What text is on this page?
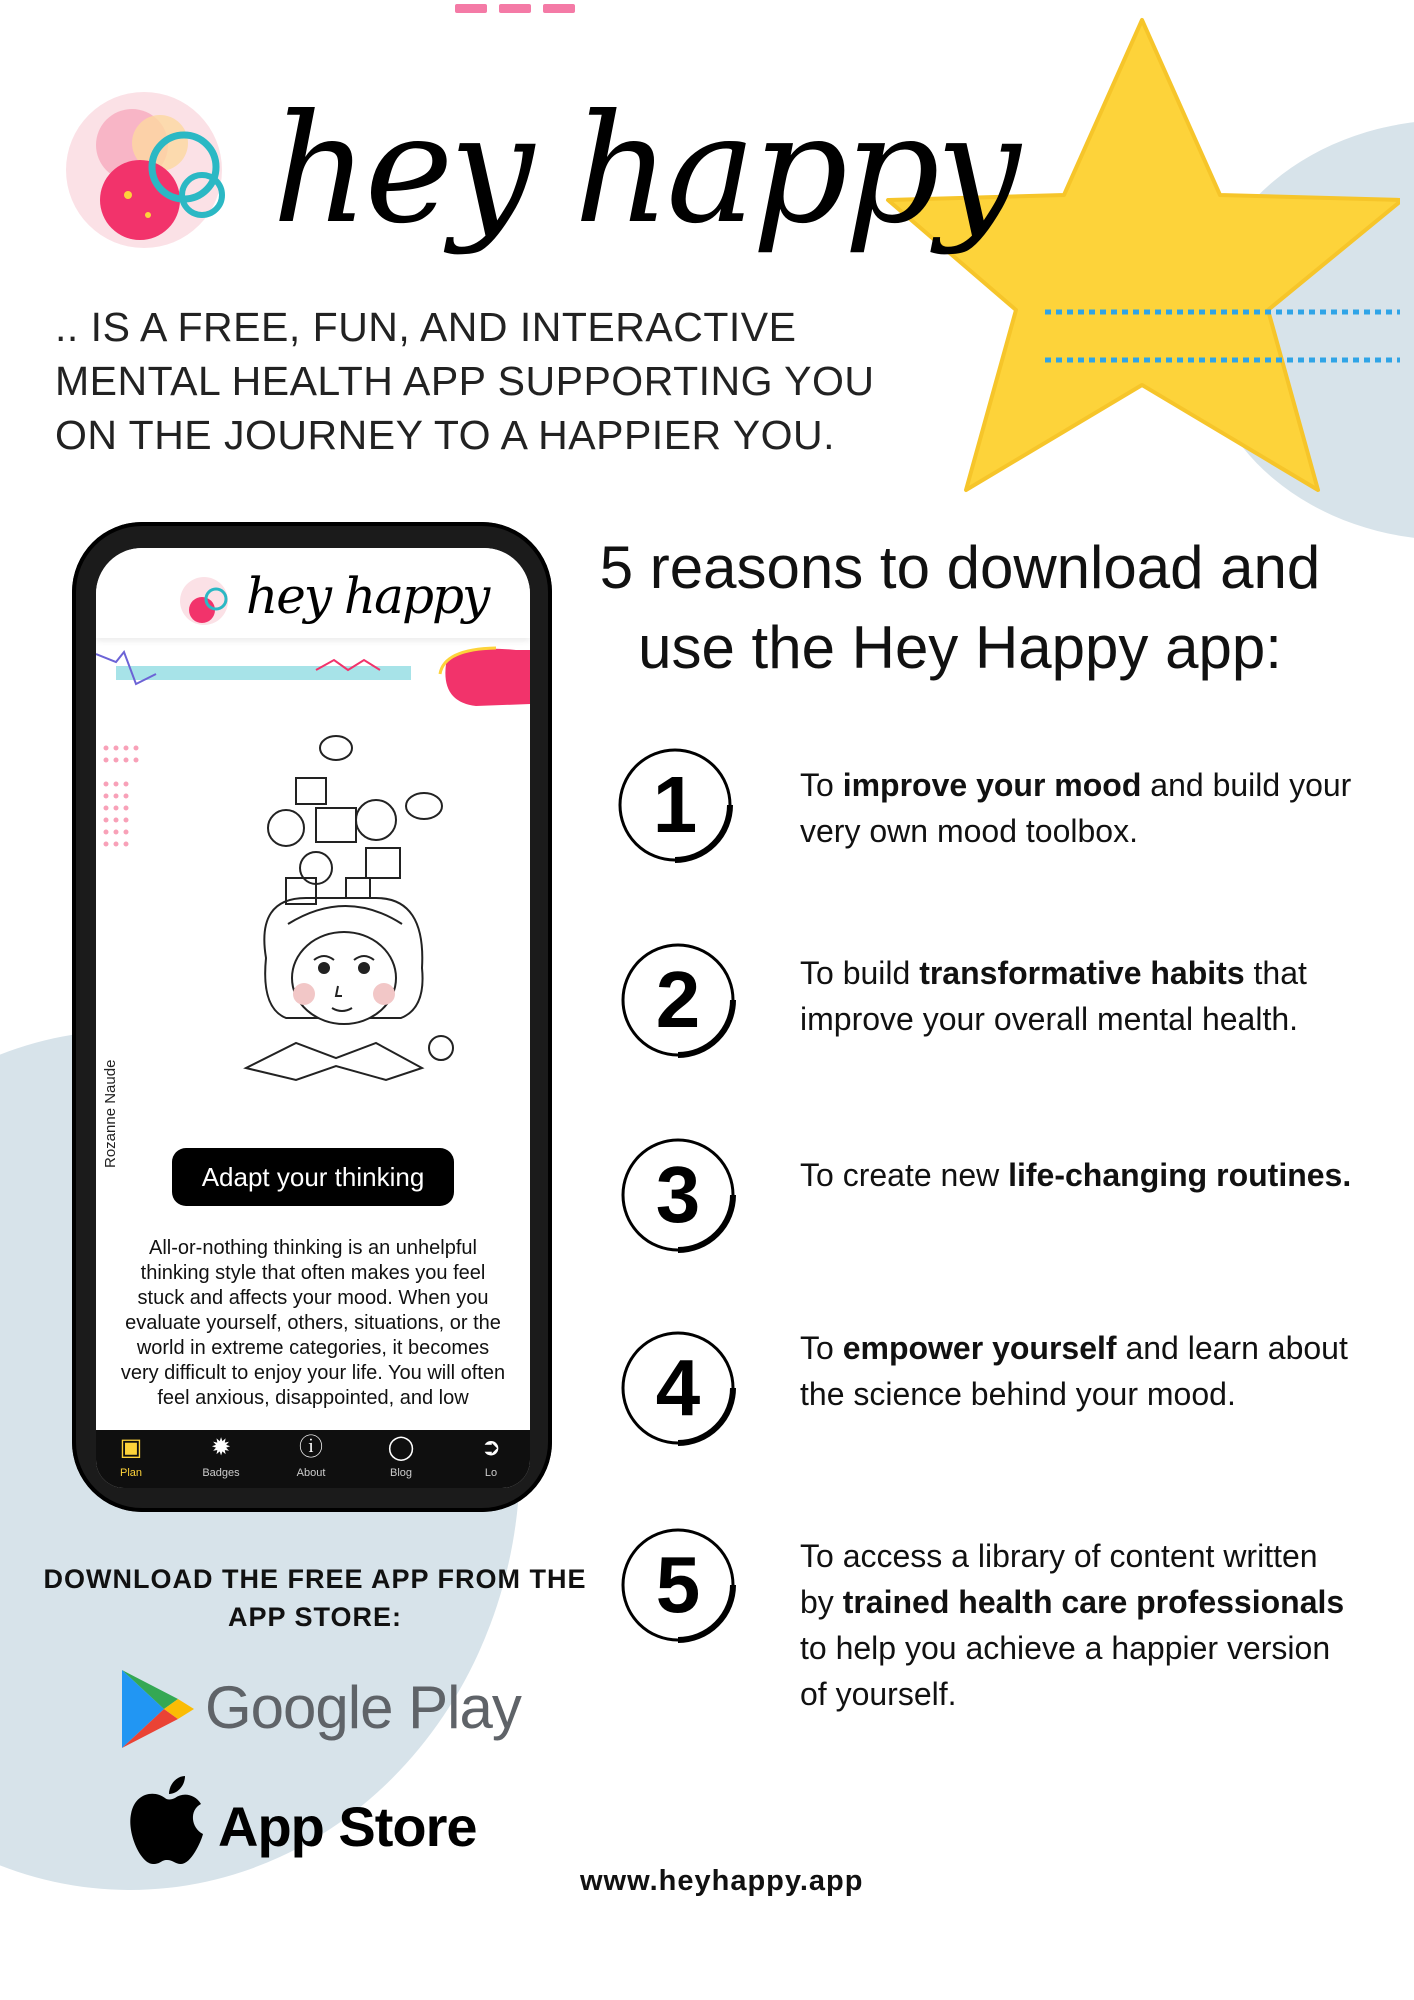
hey happy
.. IS A FREE, FUN, AND INTERACTIVE MENTAL HEALTH APP SUPPORTING YOU ON THE JOURNEY TO A HAPPIER YOU.
hey happy
Rozanne Naude
Adapt your thinking
All-or-nothing thinking is an unhelpful thinking style that often makes you feel stuck and affects your mood. When you evaluate yourself, others, situations, or the world in extreme categories, it becomes very difficult to enjoy your life. You will often feel anxious, disappointed, and low
▣
Plan
✹
Badges
ⓘ
About
◯
Blog
➲
Lo
5 reasons to download and use the Hey Happy app:
1	To improve your mood and build your very own mood toolbox.
2	To build transformative habits that improve your overall mental health.
3	To create new life-changing routines.
4	To empower yourself and learn about the science behind your mood.
5	To access a library of content written by trained health care professionals to help you achieve a happier version of yourself.
DOWNLOAD THE FREE APP FROM THE APP STORE:
Google Play
App Store
www.heyhappy.app
